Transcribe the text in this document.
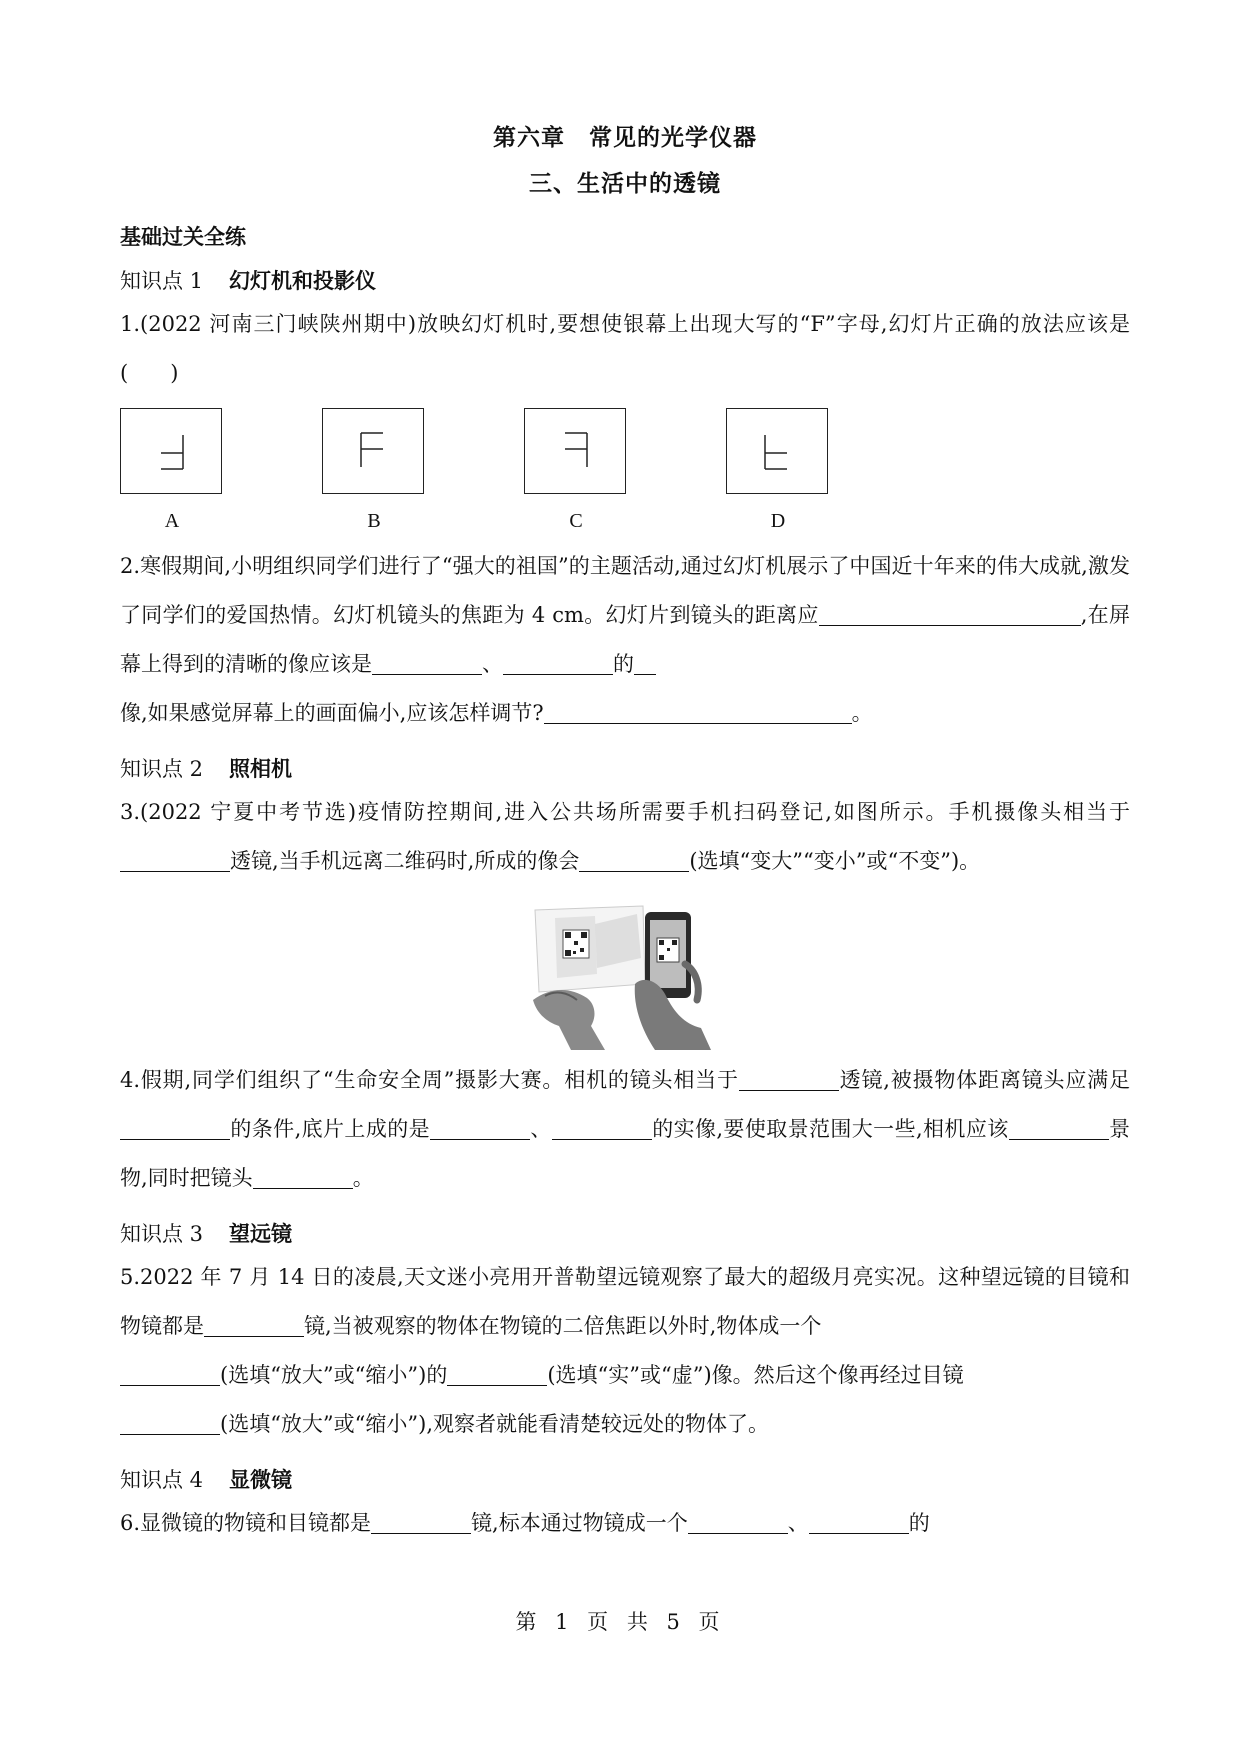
第六章　常见的光学仪器
三、生活中的透镜
基础过关全练
知识点 1 幻灯机和投影仪
1.(2022 河南三门峡陕州期中)放映幻灯机时,要想使银幕上出现大写的“F”字母,幻灯片正确的放法应该是(　　)
A	B	C	D
2.寒假期间,小明组织同学们进行了“强大的祖国”的主题活动,通过幻灯机展示了中国近十年来的伟大成就,激发了同学们的爱国热情。幻灯机镜头的焦距为 4 cm。幻灯片到镜头的距离应	,在屏幕上得到的清晰的像应该是	、	的
像,如果感觉屏幕上的画面偏小,应该怎样调节?	。
知识点 2 照相机
3.(2022 宁夏中考节选)疫情防控期间,进入公共场所需要手机扫码登记,如图所示。手机摄像头相当于透镜,当手机远离二维码时,所成的像会	(选填“变大”“变小”或“不变”)。
4.假期,同学们组织了“生命安全周”摄影大赛。相机的镜头相当于	透镜,被摄物体距离镜头应满足的条件,底片上成的是	、	的实像,要使取景范围大一些,相机应该	景物,同时把镜头	。
知识点 3 望远镜
5.2022 年 7 月 14 日的凌晨,天文迷小亮用开普勒望远镜观察了最大的超级月亮实况。这种望远镜的目镜和物镜都是	镜,当被观察的物体在物镜的二倍焦距以外时,物体成一个
(选填“放大”或“缩小”)的	(选填“实”或“虚”)像。然后这个像再经过目镜
(选填“放大”或“缩小”),观察者就能看清楚较远处的物体了。
知识点 4 显微镜
6.显微镜的物镜和目镜都是	镜,标本通过物镜成一个	、	的
第 1 页 共 5 页
